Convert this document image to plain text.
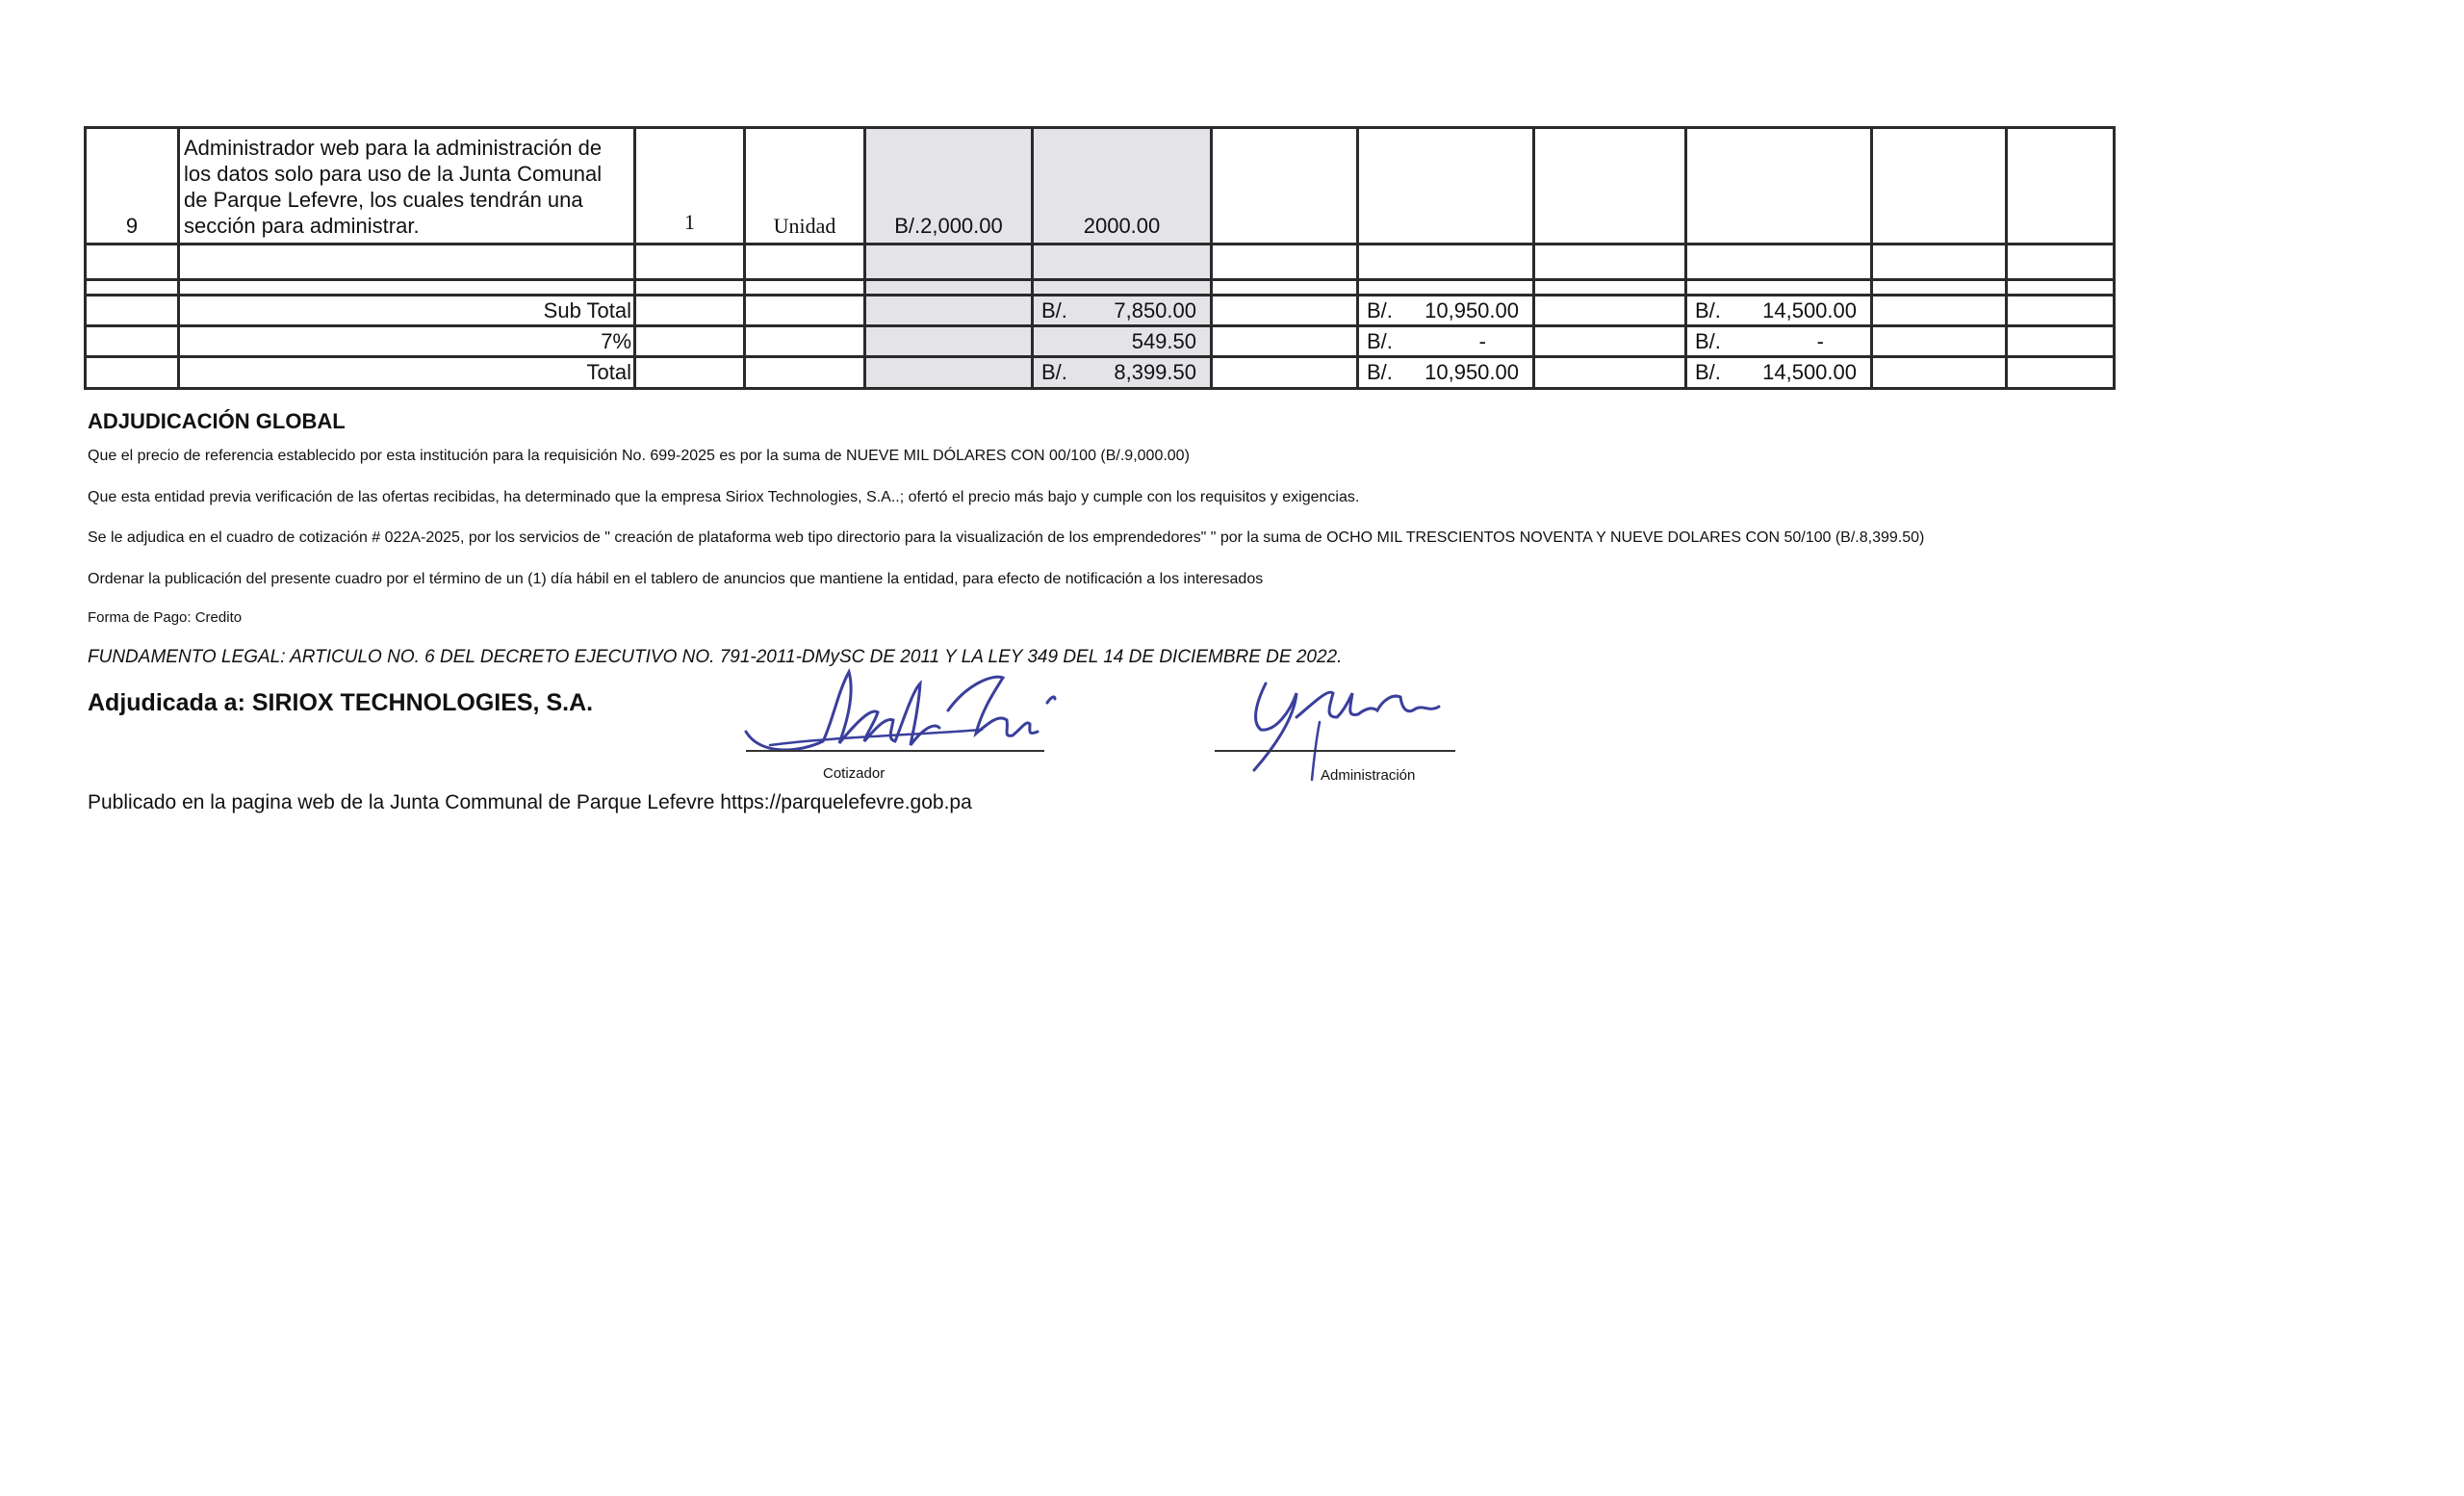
9	Administrador web para la administración de los datos solo para uso de la Junta Comunal de Parque Lefevre, los cuales tendrán una sección para administrar.	1	Unidad	B/.2,000.00	2000.00						

	Sub Total				B/. 7,850.00		B/. 10,950.00		B/. 14,500.00		

	7%				549.50		B/. -		B/. -		

	Total				B/. 8,399.50		B/. 10,950.00		B/. 14,500.00		

ADJUDICACIÓN GLOBAL
Que el precio de referencia establecido por esta institución para la requisición No. 699-2025 es por la suma de NUEVE MIL DÓLARES CON 00/100 (B/.9,000.00)
Que esta entidad previa verificación de las ofertas recibidas, ha determinado que la empresa Siriox Technologies, S.A..; ofertó el precio más bajo y cumple con los requisitos y exigencias.
Se le adjudica en el cuadro de cotización # 022A-2025, por los servicios de " creación de plataforma web tipo directorio para la visualización de los emprendedores" " por la suma de OCHO MIL TRESCIENTOS NOVENTA Y NUEVE DOLARES CON 50/100 (B/.8,399.50)
Ordenar la publicación del presente cuadro por el término de un (1) día hábil en el tablero de anuncios que mantiene la entidad, para efecto de notificación a los interesados
Forma de Pago: Credito
FUNDAMENTO LEGAL: ARTICULO NO. 6 DEL DECRETO EJECUTIVO NO. 791-2011-DMySC DE 2011 Y LA LEY 349 DEL 14 DE DICIEMBRE DE 2022.
Adjudicada a: SIRIOX TECHNOLOGIES, S.A.
Cotizador	Administración
Publicado en la pagina web de la Junta Communal de Parque Lefevre https://parquelefevre.gob.pa
